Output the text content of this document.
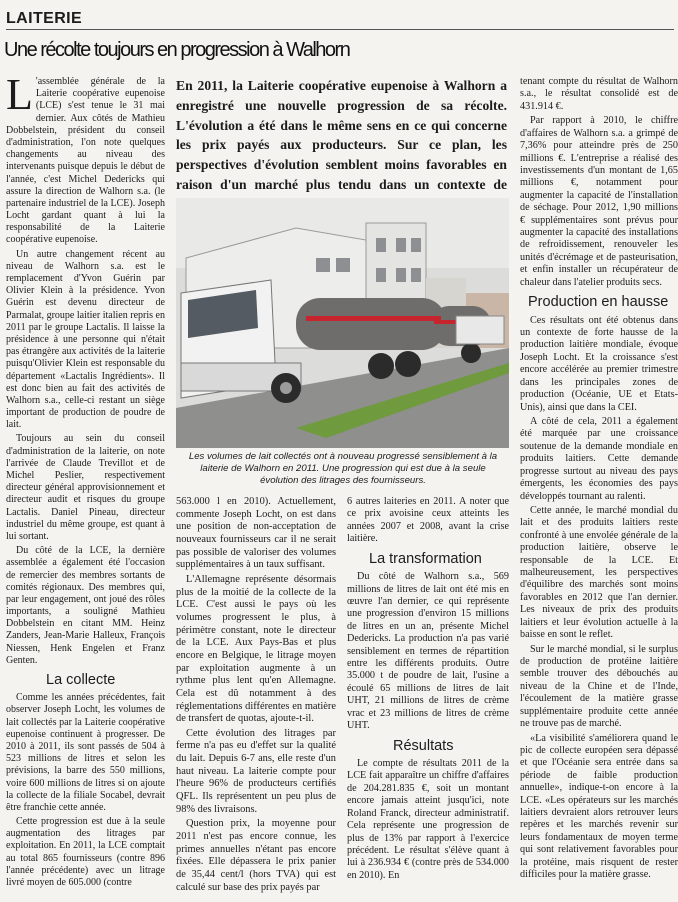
LAITERIE
Une récolte toujours en progression à Walhorn

L 'assemblée générale de la Laiterie coopérative eupenoise (LCE) s'est tenue le 31 mai dernier. Aux côtés de Mathieu Dobbelstein, président du conseil d'administration, l'on note quelques changements au niveau des intervenants puisque depuis le début de l'année, c'est Michel Dedericks qui assure la direction de Walhorn s.a. (le partenaire industriel de la LCE). Joseph Locht gardant quant à lui la responsabilité de la Laiterie coopérative eupenoise.

Un autre changement récent au niveau de Walhorn s.a. est le remplacement d'Yvon Guérin par Olivier Klein à la présidence. Yvon Guérin est devenu directeur de Parmalat, groupe laitier italien repris en 2011 par le groupe Lactalis. Il laisse la présidence à une personne qui n'était pas étrangère aux activités de la laiterie puisqu'Olivier Klein est responsable du département «Lactalis Ingrédients». Il est donc bien au fait des activités de Walhorn s.a., celle-ci restant un siège important de production de poudre de lait.

Toujours au sein du conseil d'administration de la laiterie, on note l'arrivée de Claude Trevillot et de Michel Peslier, respectivement directeur général approvisionnement et directeur audit et risques du groupe Lactalis. Daniel Pineau, directeur industriel du même groupe, est quant à lui sortant.

Du côté de la LCE, la dernière assemblée a également été l'occasion de remercier des membres sortants de comités régionaux. Des membres qui, par leur engagement, ont joué des rôles importants, a souligné Mathieu Dobbelstein en citant MM. Heinz Zanders, Jean-Marie Halleux, François Niessen, Henk Engelen et Franz Genten.

La collecte

Comme les années précédentes, fait observer Joseph Locht, les volumes de lait collectés par la Laiterie coopérative eupenoise continuent à progresser. De 2010 à 2011, ils sont passés de 504 à 523 millions de litres et selon les prévisions, la barre des 550 millions, voire 600 millions de litres si on ajoute la collecte de la filiale Socabel, devrait être franchie cette année.

Cette progression est due à la seule augmentation des litrages par exploitation. En 2011, la LCE comptait au total 865 fournisseurs (contre 896 l'année précédente) avec un litrage livré moyen de 605.000 (contre

En 2011, la Laiterie coopérative eupenoise à Walhorn a enregistré une nouvelle progression de sa récolte. L'évolution a été dans le même sens en ce qui concerne les prix payés aux producteurs. Sur ce plan, les perspectives d'évolution semblent moins favorables en raison d'un marché plus tendu dans un contexte de
Les volumes de lait collectés ont à nouveau progressé sensiblement à la laiterie de Walhorn en 2011. Une progression qui est due à la seule évolution des litrages des fournisseurs.

563.000 l en 2010). Actuellement, commente Joseph Locht, on est dans une position de non-acceptation de nouveaux fournisseurs car il ne serait pas possible de valoriser des volumes supplémentaires à un taux suffisant.

L'Allemagne représente désormais plus de la moitié de la collecte de la LCE. C'est aussi le pays où les volumes progressent le plus, à périmètre constant, note le directeur de la LCE. Aux Pays-Bas et plus encore en Belgique, le litrage moyen par exploitation augmente à un rythme plus lent qu'en Allemagne. Cela est dû notamment à des réglementations différentes en matière de transfert de quotas, ajoute-t-il.

Cette évolution des litrages par ferme n'a pas eu d'effet sur la qualité du lait. Depuis 6-7 ans, elle reste d'un haut niveau. La laiterie compte pour l'heure 96% de producteurs certifiés QFL. Ils représentent un peu plus de 98% des livraisons.

Question prix, la moyenne pour 2011 n'est pas encore connue, les primes annuelles n'étant pas encore fixées. Elle dépassera le prix panier de 35,44 cent/l (hors TVA) qui est calculé sur base des prix payés par

6 autres laiteries en 2011. A noter que ce prix avoisine ceux atteints les années 2007 et 2008, avant la crise laitière.

La transformation

Du côté de Walhorn s.a., 569 millions de litres de lait ont été mis en œuvre l'an dernier, ce qui représente une progression d'environ 15 millions de litres en un an, présente Michel Dedericks. La production n'a pas varié sensiblement en termes de répartition entre les différents produits. Outre 35.000 t de poudre de lait, l'usine a écoulé 65 millions de litres de lait UHT, 21 millions de litres de crème vrac et 23 millions de litres de crème UHT.

Résultats

Le compte de résultats 2011 de la LCE fait apparaître un chiffre d'affaires de 204.281.835 €, soit un montant encore jamais atteint jusqu'ici, note Roland Franck, directeur administratif. Cela représente une progression de plus de 13% par rapport à l'exercice précédent. Le résultat s'élève quant à lui à 236.934 € (contre près de 534.000 en 2010). En

tenant compte du résultat de Walhorn s.a., le résultat consolidé est de 431.914 €.

Par rapport à 2010, le chiffre d'affaires de Walhorn s.a. a grimpé de 7,36% pour atteindre près de 250 millions €. L'entreprise a réalisé des investissements d'un montant de 1,65 millions €, notamment pour augmenter la capacité de l'installation de séchage. Pour 2012, 1,90 millions € supplémentaires sont prévus pour augmenter la capacité des installations de refroidissement, renouveler les unités d'écrémage et de pasteurisation, et enfin installer un récupérateur de chaleur dans l'atelier produits secs.

Production en hausse

Ces résultats ont été obtenus dans un contexte de forte hausse de la production laitière mondiale, évoque Joseph Locht. Et la croissance s'est encore accélérée au premier trimestre dans les principales zones de production (Océanie, UE et Etats-Unis), ainsi que dans la CEI.

A côté de cela, 2011 a également été marquée par une croissance soutenue de la demande mondiale en produits laitiers. Cette demande progresse surtout au niveau des pays émergents, les économies des pays développés tournant au ralenti.

Cette année, le marché mondial du lait et des produits laitiers reste confronté à une envolée générale de la production laitière, observe le responsable de la LCE. Et malheureusement, les perspectives d'équilibre des marchés sont moins favorables en 2012 que l'an dernier. Les niveaux de prix des produits laitiers et leur évolution actuelle à la baisse en sont le reflet.

Sur le marché mondial, si le surplus de production de protéine laitière semble trouver des débouchés au niveau de la Chine et de l'Inde, l'écoulement de la matière grasse supplémentaire produite cette année ne trouve pas de marché.

«La visibilité s'améliorera quand le pic de collecte européen sera dépassé et que l'Océanie sera entrée dans sa période de faible production annuelle», indique-t-on encore à la LCE. «Les opérateurs sur les marchés laitiers devraient alors retrouver leurs repères et les marchés revenir sur leurs fondamentaux de moyen terme qui sont relativement favorables pour la protéine, mais risquent de rester difficiles pour la matière grasse.
